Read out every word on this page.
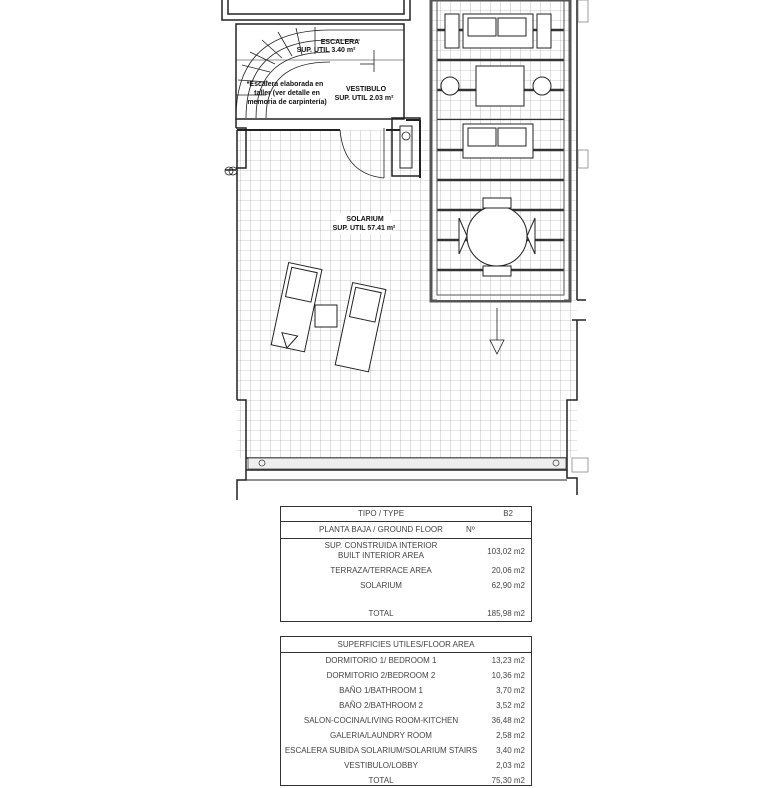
ESCALERA
SUP. UTIL 3.40 m²
*Escalera elaborada en
taller (ver detalle en
memoria de carpintería)
VESTIBULO
SUP. UTIL 2.03 m²
SOLARIUM
SUP. UTIL 57.41 m²
TIPO / TYPE	B2
PLANTA BAJA / GROUND FLOOR	Nº
SUP. CONSTRUIDA INTERIOR
BUILT INTERIOR AREA	103,02 m2
TERRAZA/TERRACE AREA	20,06 m2
SOLARIUM	62,90 m2
TOTAL	185,98 m2
SUPERFICIES UTILES/FLOOR AREA
DORMITORIO 1/ BEDROOM 1	13,23 m2
DORMITORIO 2/BEDROOM 2	10,36 m2
BAÑO 1/BATHROOM 1	3,70 m2
BAÑO 2/BATHROOM 2	3,52 m2
SALON-COCINA/LIVING ROOM-KITCHEN	36,48 m2
GALERIA/LAUNDRY ROOM	2,58 m2
ESCALERA SUBIDA SOLARIUM/SOLARIUM STAIRS	3,40 m2
VESTIBULO/LOBBY	2,03 m2
TOTAL	75,30 m2
